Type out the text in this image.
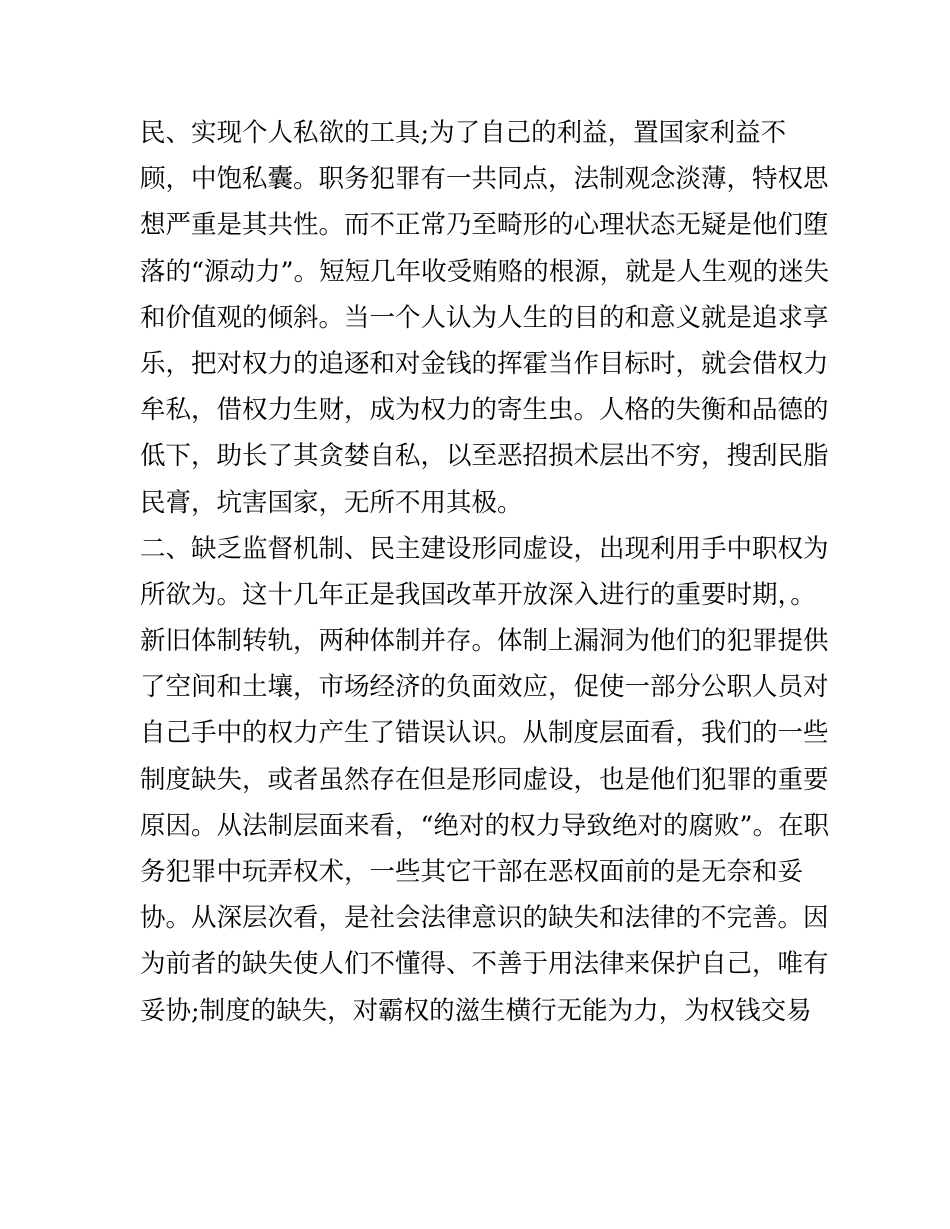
民、实现个人私欲的工具;为了自己的利益，置国家利益不
顾，中饱私囊。职务犯罪有一共同点，法制观念淡薄，特权思
想严重是其共性。而不正常乃至畸形的心理状态无疑是他们堕
落的“源动力”。短短几年收受贿赂的根源，就是人生观的迷失
和价值观的倾斜。当一个人认为人生的目的和意义就是追求享
乐，把对权力的追逐和对金钱的挥霍当作目标时，就会借权力
牟私，借权力生财，成为权力的寄生虫。人格的失衡和品德的
低下，助长了其贪婪自私，以至恶招损术层出不穷，搜刮民脂
民膏，坑害国家，无所不用其极。
二、缺乏监督机制、民主建设形同虚设，出现利用手中职权为
所欲为。这十几年正是我国改革开放深入进行的重要时期，。
新旧体制转轨，两种体制并存。体制上漏洞为他们的犯罪提供
了空间和土壤，市场经济的负面效应，促使一部分公职人员对
自己手中的权力产生了错误认识。从制度层面看，我们的一些
制度缺失，或者虽然存在但是形同虚设，也是他们犯罪的重要
原因。从法制层面来看，“绝对的权力导致绝对的腐败”。在职
务犯罪中玩弄权术，一些其它干部在恶权面前的是无奈和妥
协。从深层次看，是社会法律意识的缺失和法律的不完善。因
为前者的缺失使人们不懂得、不善于用法律来保护自己，唯有
妥协;制度的缺失，对霸权的滋生横行无能为力，为权钱交易
